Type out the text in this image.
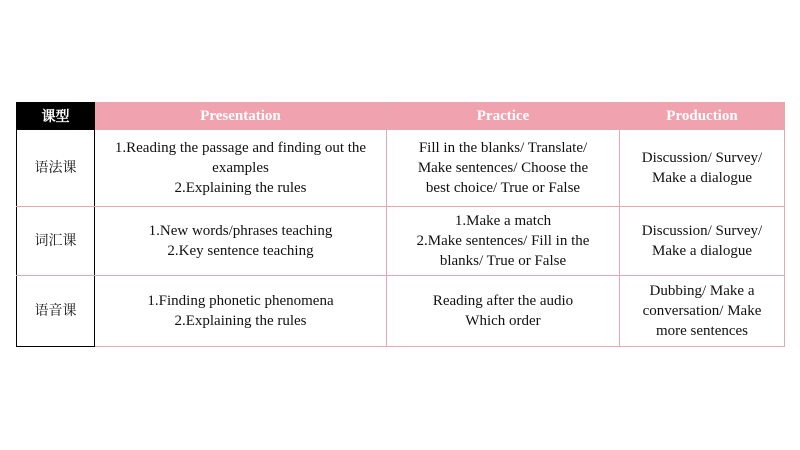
课型	Presentation	Practice	Production
语法课	1.Reading the passage and finding out the
examples
2.Explaining the rules	Fill in the blanks/ Translate/
Make sentences/ Choose the
best choice/ True or False	Discussion/ Survey/
Make a dialogue

词汇课	1.New words/phrases teaching
2.Key sentence teaching	1.Make a match
2.Make sentences/ Fill in the
blanks/ True or False	Discussion/ Survey/
Make a dialogue

语音课	1.Finding phonetic phenomena
2.Explaining the rules	Reading after the audio
Which order	Dubbing/ Make a
conversation/ Make
more sentences
